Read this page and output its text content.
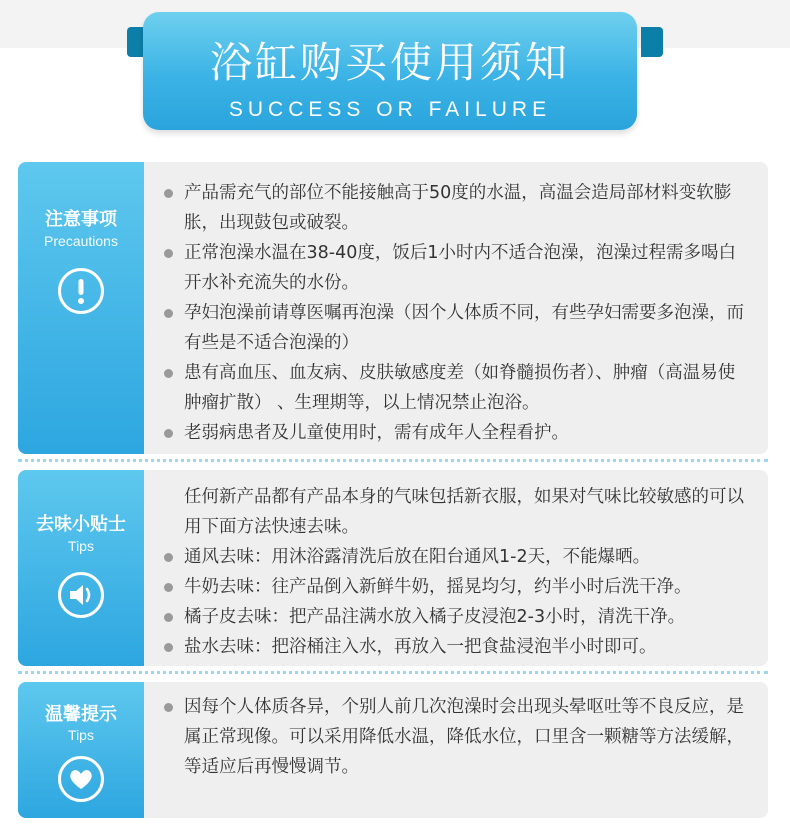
浴缸购买使用须知
SUCCESS OR FAILURE
注意事项
Precautions
产品需充气的部位不能接触高于50度的水温，高温会造局部材料变软膨胀，出现鼓包或破裂。
正常泡澡水温在38-40度，饭后1小时内不适合泡澡，泡澡过程需多喝白开水补充流失的水份。
孕妇泡澡前请尊医嘱再泡澡（因个人体质不同，有些孕妇需要多泡澡，而有些是不适合泡澡的）
患有高血压、血友病、皮肤敏感度差（如脊髓损伤者）、肿瘤（高温易使肿瘤扩散） 、生理期等，以上情况禁止泡浴。
老弱病患者及儿童使用时，需有成年人全程看护。
去味小贴士
Tips
任何新产品都有产品本身的气味包括新衣服，如果对气味比较敏感的可以用下面方法快速去味。
通风去味：用沐浴露清洗后放在阳台通风1-2天，不能爆晒。
牛奶去味：往产品倒入新鲜牛奶，摇晃均匀，约半小时后洗干净。
橘子皮去味：把产品注满水放入橘子皮浸泡2-3小时，清洗干净。
盐水去味：把浴桶注入水，再放入一把食盐浸泡半小时即可。
温馨提示
Tips
因每个人体质各异，个别人前几次泡澡时会出现头晕呕吐等不良反应，是属正常现像。可以采用降低水温，降低水位，口里含一颗糖等方法缓解，等适应后再慢慢调节。
